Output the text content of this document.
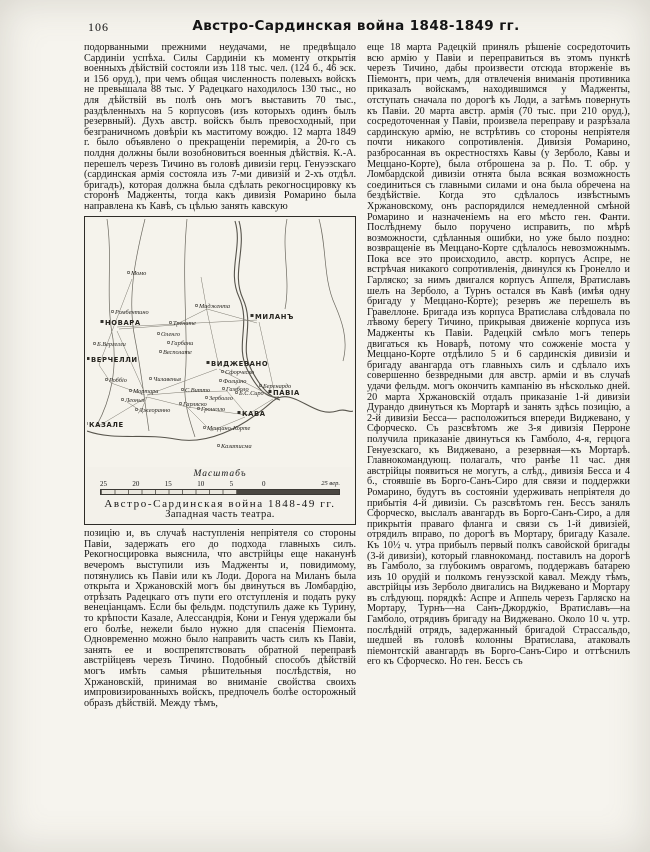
106	Австро-Сардинская война 1848-1849 гг.

подорванными прежними неудачами, не предвѣщало Сардиніи успѣха. Силы Сардиніи къ моменту открытія военныхъ дѣйствій состояли изъ 118 тыс. чел. (124 б., 46 эск. и 156 оруд.), при чемъ общая численность полевыхъ войскъ не превышала 88 тыс. У Радецкаго находилось 130 тыс., но для дѣйствій въ полѣ онъ могъ выставить 70 тыс., раздѣленныхъ на 5 корпусовъ (изъ которыхъ одинъ былъ резервный). Духъ австр. войскъ былъ превосходный, при безграничномъ довѣріи къ маститому вождю. 12 марта 1849 г. было объявлено о прекращеніи перемирія, а 20-го съ полдня должны были возобновиться военныя дѣйствія. К.-А. перешелъ черезъ Тичино въ головѣ дивизіи герц. Генуэзскаго (сардинская армія состояла изъ 7-ми дивизій и 2-хъ отдѣл. бригадъ), которая должна была сдѣлать рекогносцировку къ сторонѣ Мадженты, тогда какъ дивизія Ромарино была направлена къ Кавѣ, съ цѣлью занять кавскую

Момо
Ромбентино
НОВАРА	Тренате
Миджента
МИЛАНЪ
Оленго
Гарбани
Б.Вергелли
Весполате
ВЕРЧЕЛЛИ	ВИДЖЕВАНО
Сфорческо
Роббіо	Чилавенья	Фолцино
Гамболо
Мортара	С.Витто	Б.С.Сиро
Беренардо
Леонья
Гарляско
Зерболло
Джеоранно	Гронелло
ПАВІА
КАВА
КАЗАЛЕ	Меццано-Корте
Казатисма
Масштабъ
25 вер.
25	20	15	10	5	0
Австро-Сардинская война 1848-49 гг.
Западная часть театра.

позицію и, въ случаѣ наступленія непріятеля со стороны Павіи, задержать его до подхода главныхъ силъ. Рекогносцировка выяснила, что австрійцы еще наканунѣ вечеромъ выступили изъ Мадженты и, повидимому, потянулись къ Павіи или къ Лоди. Дорога на Миланъ была открыта и Хржановскій могъ бы двинуться въ Ломбардію, отрѣзать Радецкаго отъ пути его отступленія и подать руку венеціанцамъ. Если бы фельдм. подступилъ даже къ Турину, то крѣпости Казале, Алессандрія, Кони и Генуя удержали бы его болѣе, нежели было нужно для спасенія Піемонта. Одновременно можно было направить часть силъ къ Павіи, занять ее и воспрепятствовать обратной переправѣ австрійцевъ черезъ Тичино. Подобный способъ дѣйствій могъ имѣть самыя рѣшительныя послѣдствія, но Хржановскій, принимая во вниманіе свойства своихъ импровизированныхъ войскъ, предпочелъ болѣе осторожный образъ дѣйствій. Между тѣмъ,

еще 18 марта Радецкій принялъ рѣшеніе сосредоточить всю армію у Павіи и переправиться въ этомъ пунктѣ черезъ Тичино, дабы произвести отсюда вторженіе въ Піемонтъ, при чемъ, для отвлеченія вниманія противника приказалъ войскамъ, находившимся у Мадженты, отступать сначала по дорогѣ къ Лоди, а затѣмъ повернуть къ Павіи. 20 марта австр. армія (70 тыс. при 210 оруд.), сосредоточенная у Павіи, произвела переправу и разрѣзала сардинскую армію, не встрѣтивъ со стороны непріятеля почти никакого сопротивленія. Дивизія Ромарино, разбросанная въ окрестностяхъ Кавы (у Зерболо, Кавы и Меццано-Корте), была отброшена за р. По. Т. обр. у Ломбардской дивизіи отнята была всякая возможность соединиться съ главными силами и она была обречена на бездѣйствіе. Когда это сдѣлалось извѣстнымъ Хржановскому, онъ распорядился немедленной смѣной Ромарино и назначеніемъ на его мѣсто ген. Фанти. Послѣднему было поручено исправить, по мѣрѣ возможности, сдѣланныя ошибки, но уже было поздно: возвращеніе въ Меццано-Корте сдѣлалось невозможнымъ. Пока все это происходило, австр. корпусъ Аспре, не встрѣчая никакого сопротивленія, двинулся къ Гронелло и Гарляско; за нимъ двигался корпусъ Аппеля, Вратиславъ шелъ на Зерболо, а Турнъ остался въ Кавѣ (имѣя одну бригаду у Меццано-Корте); резервъ же перешелъ въ Гравеллоне. Бригада изъ корпуса Вратислава слѣдовала по лѣвому берегу Тичино, прикрывая движеніе корпуса изъ Мадженты къ Павіи. Радецкій смѣло могъ теперь двигаться къ Новарѣ, потому что сожженіе моста у Меццано-Корте отдѣлило 5 и 6 сардинскія дивизіи и бригаду авангарда отъ главныхъ силъ и сдѣлало ихъ совершенно безвредными для австр. арміи и въ случаѣ удачи фельдм. могъ окончить кампанію въ нѣсколько дней. 20 марта Хржановскій отдалъ приказаніе 1-й дивизіи Дурандо двинуться къ Мортарѣ и занять здѣсь позицію, а 2-й дивизіи Бесса— расположиться впереди Виджевано, у Сфорческо. Съ разсвѣтомъ же 3-я дивизія Перроне получила приказаніе двинуться къ Гамболо, 4-я, герцога Генуезскаго, къ Виджевано, а резервная—къ Мортарѣ. Главнокомандующ. полагалъ, что ранѣе 11 час. дня австрійцы появиться не могутъ, а слѣд., дивизія Бесса и 4 б., стоявшіе въ Борго-Санъ-Сиро для связи и поддержки Ромарино, будутъ въ состояніи удерживать непріятеля до прибытія 4-й дивизіи. Съ разсвѣтомъ ген. Бессъ занялъ Сфорческо, выслалъ авангардъ въ Борго-Санъ-Сиро, а для прикрытія праваго фланга и связи съ 1-й дивизіей, отрядилъ вправо, по дорогѣ въ Мортару, бригаду Казале. Къ 10½ ч. утра прибылъ первый полкъ савойской бригады (3-й дивизіи), который главнокоманд. поставилъ на дорогѣ въ Гамболо, за глубокимъ оврагомъ, поддержавъ батарею изъ 10 орудій и полкомъ генуэзской кавал. Между тѣмъ, австрійцы изъ Зерболо двигались на Виджевано и Мортару въ слѣдующ. порядкѣ: Аспре и Аппель черезъ Гарляско на Мортару, Турнъ—на Санъ-Джорджіо, Вратиславъ—на Гамболо, отрядивъ бригаду на Виджевано. Около 10 ч. утр. послѣдній отрядъ, задержанный бригадой Страссальдо, шедшей въ головѣ колонны Вратислава, атаковалъ піемонтскій авангардъ въ Борго-Санъ-Сиро и оттѣснилъ его къ Сфорческо. Но ген. Бессъ съ
